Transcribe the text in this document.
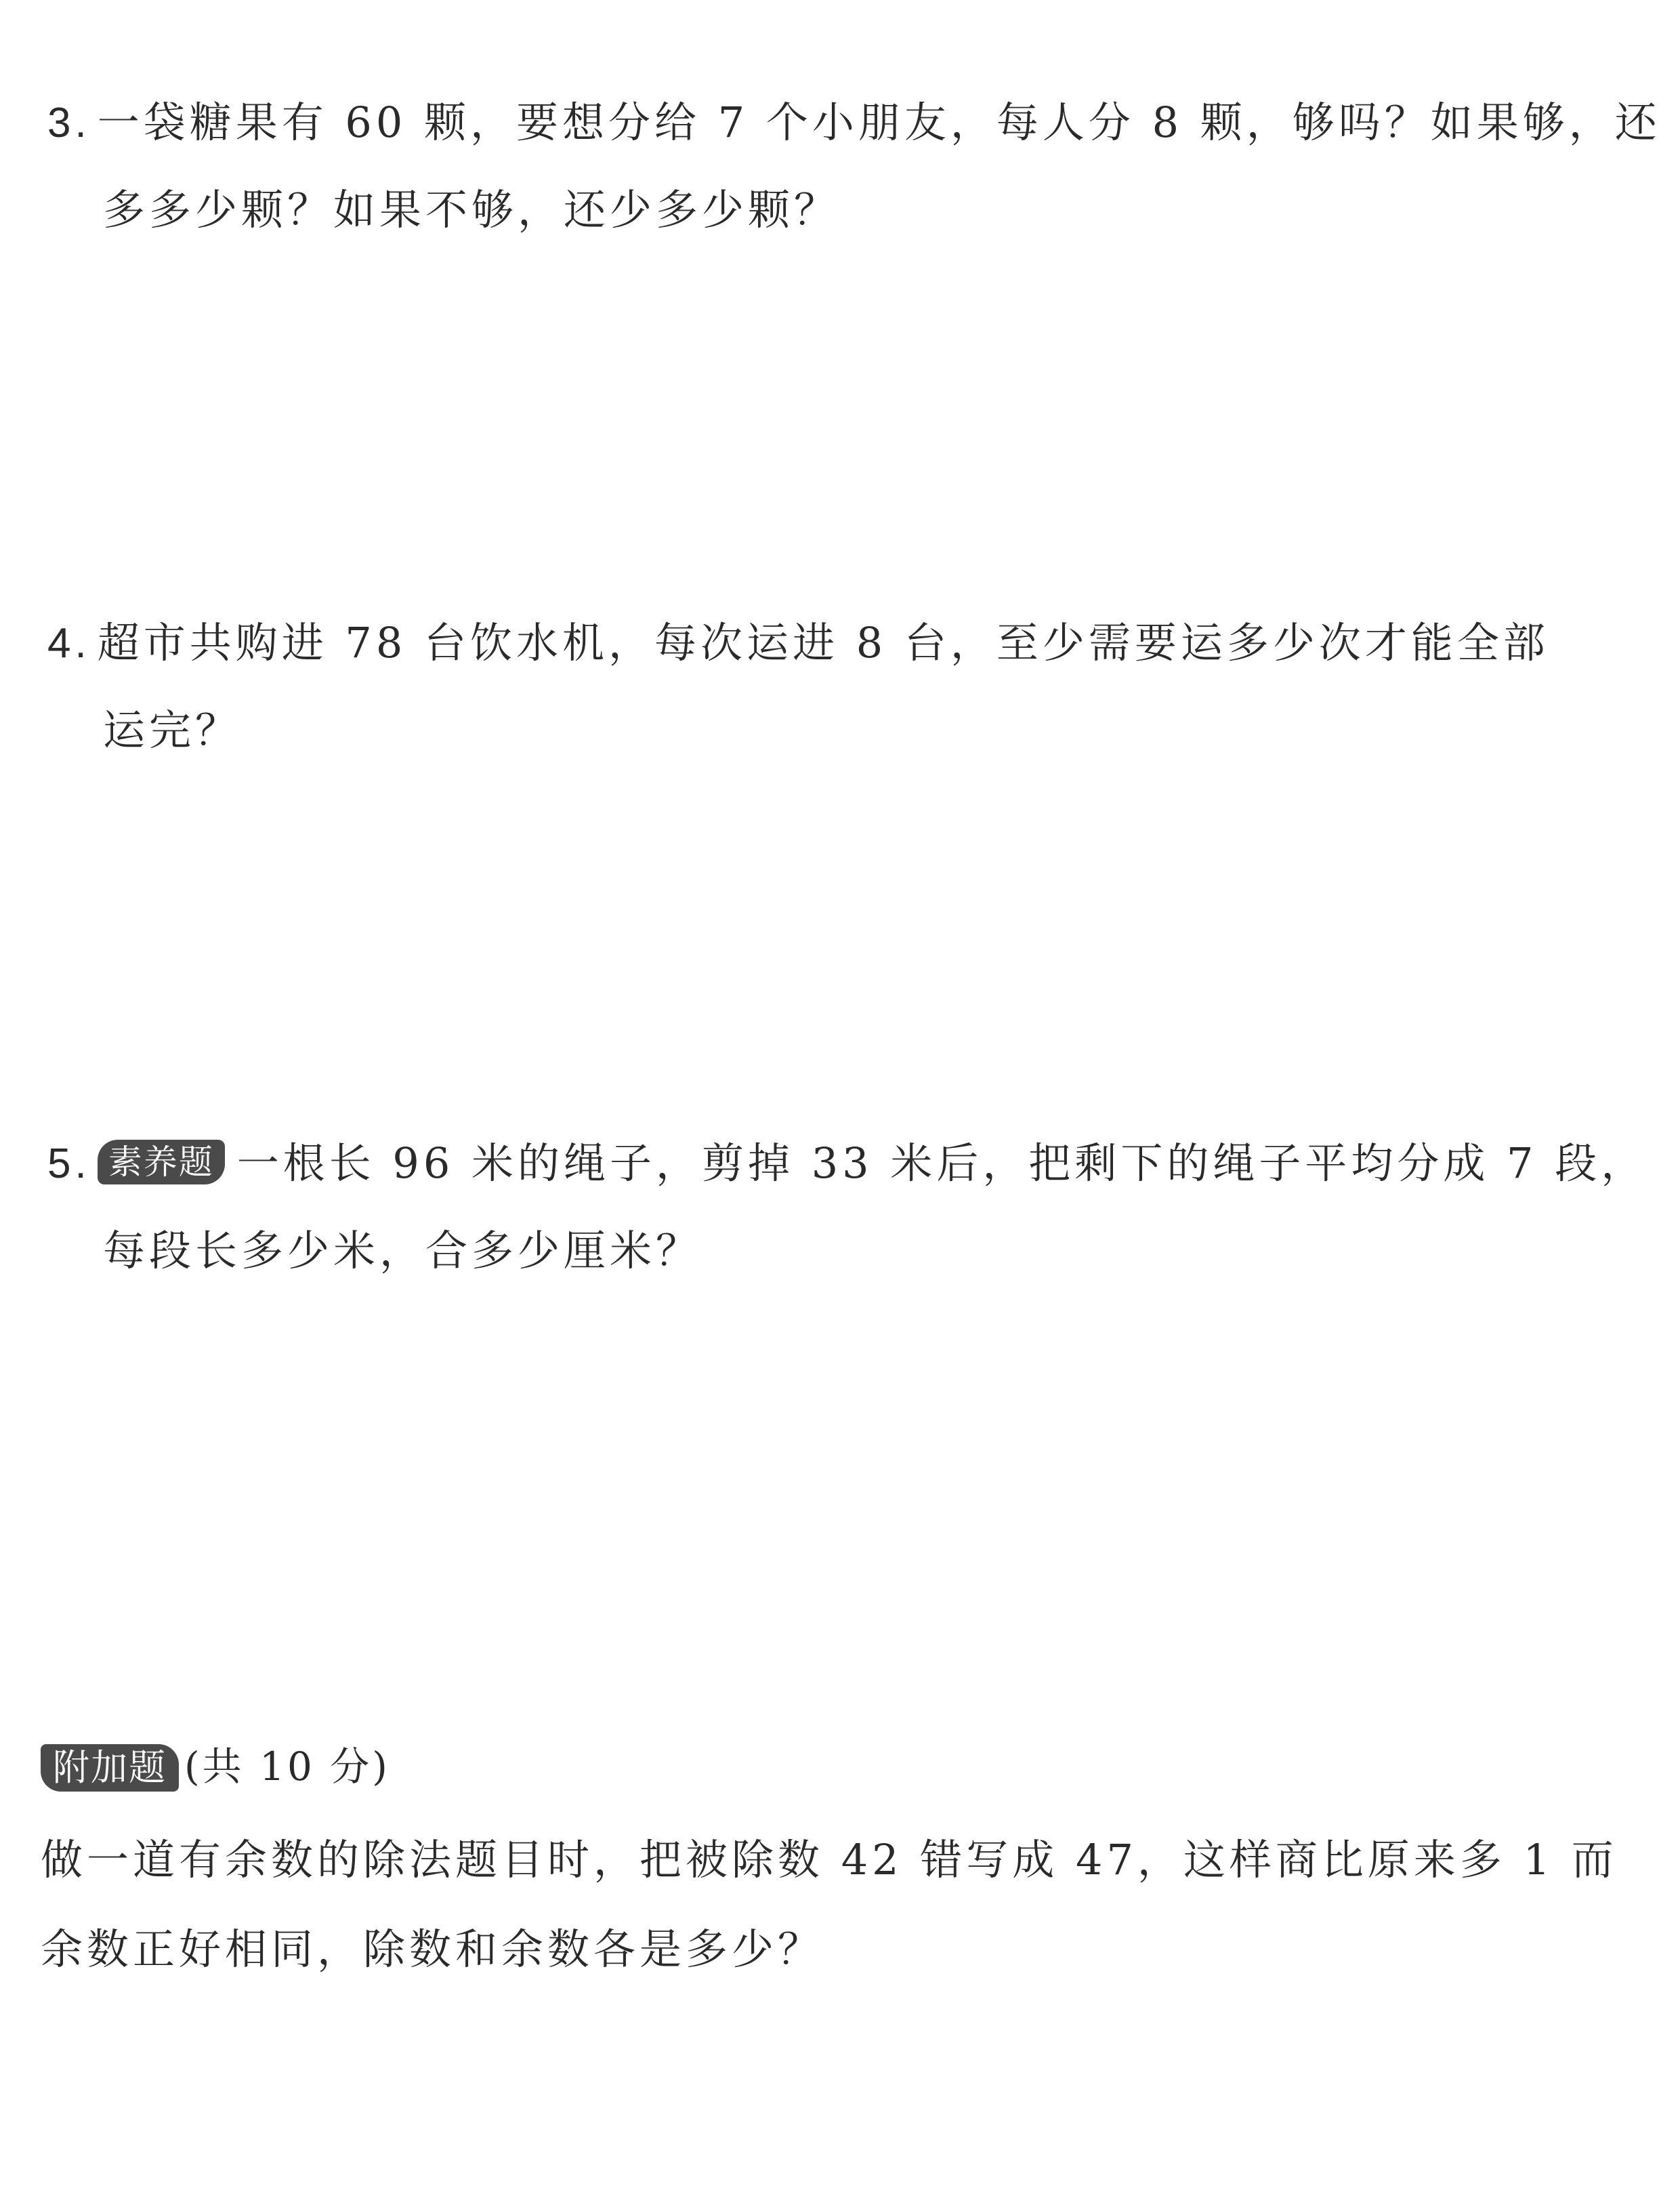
3. 一袋糖果有 60 颗，要想分给 7 个小朋友，每人分 8 颗，够吗？如果够，还
多多少颗？如果不够，还少多少颗？
4. 超市共购进 78 台饮水机，每次运进 8 台，至少需要运多少次才能全部
运完？
5. 素养题 一根长 96 米的绳子，剪掉 33 米后，把剩下的绳子平均分成 7 段，
每段长多少米，合多少厘米？
附加题 (共 10 分)
做一道有余数的除法题目时，把被除数 42 错写成 47，这样商比原来多 1 而
余数正好相同，除数和余数各是多少？
